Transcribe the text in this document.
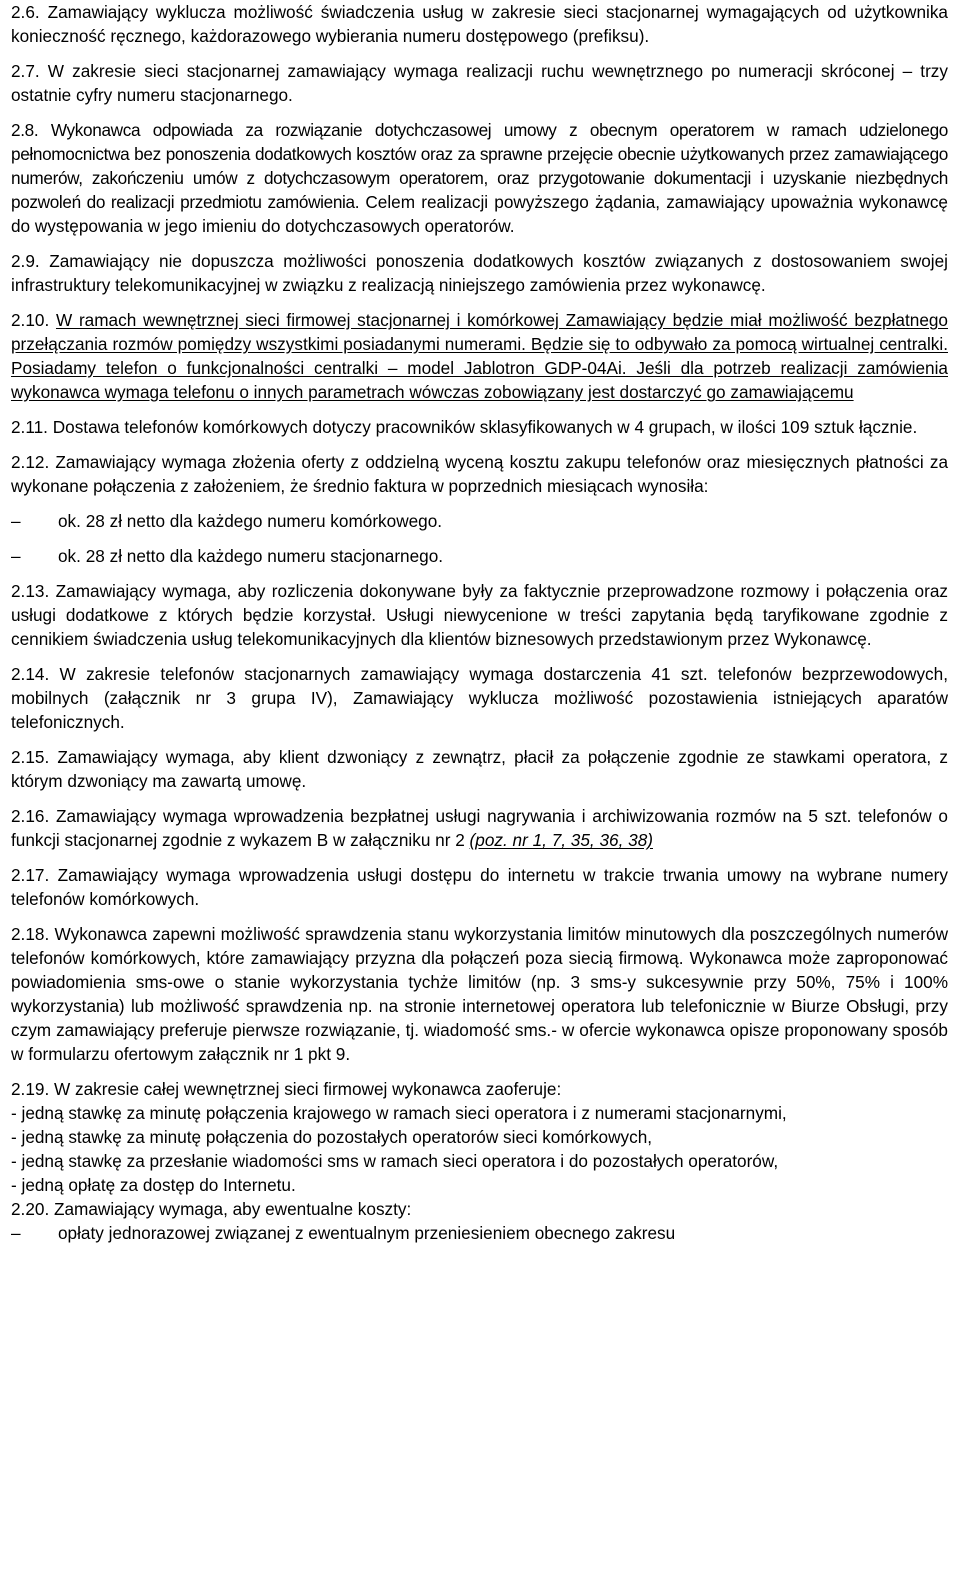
2.6. Zamawiający wyklucza możliwość świadczenia usług w zakresie sieci stacjonarnej wymagających od użytkownika konieczność ręcznego, każdorazowego wybierania numeru dostępowego (prefiksu).

2.7. W zakresie sieci stacjonarnej zamawiający wymaga realizacji ruchu wewnętrznego po numeracji skróconej – trzy ostatnie cyfry numeru stacjonarnego.

2.8. Wykonawca odpowiada za rozwiązanie dotychczasowej umowy z obecnym operatorem w ramach udzielonego pełnomocnictwa bez ponoszenia dodatkowych kosztów oraz za sprawne przejęcie obecnie użytkowanych przez zamawiającego numerów, zakończeniu umów z dotychczasowym operatorem, oraz przygotowanie dokumentacji i uzyskanie niezbędnych pozwoleń do realizacji przedmiotu zamówienia. Celem realizacji powyższego żądania, zamawiający upoważnia wykonawcę do występowania w jego imieniu do dotychczasowych operatorów.

2.9. Zamawiający nie dopuszcza możliwości ponoszenia dodatkowych kosztów związanych z dostosowaniem swojej infrastruktury telekomunikacyjnej w związku z realizacją niniejszego zamówienia przez wykonawcę.

2.10. W ramach wewnętrznej sieci firmowej stacjonarnej i komórkowej Zamawiający będzie miał możliwość bezpłatnego przełączania rozmów pomiędzy wszystkimi posiadanymi numerami. Będzie się to odbywało za pomocą wirtualnej centralki. Posiadamy telefon o funkcjonalności centralki – model Jablotron GDP-04Ai. Jeśli dla potrzeb realizacji zamówienia wykonawca wymaga telefonu o innych parametrach wówczas zobowiązany jest dostarczyć go zamawiającemu

2.11. Dostawa telefonów komórkowych dotyczy pracowników sklasyfikowanych w 4 grupach, w ilości 109 sztuk łącznie.

2.12. Zamawiający wymaga złożenia oferty z oddzielną wyceną kosztu zakupu telefonów oraz miesięcznych płatności za wykonane połączenia z założeniem, że średnio faktura w poprzednich miesiącach wynosiła:

–	ok. 28 zł netto dla każdego numeru komórkowego.
–	ok. 28 zł netto dla każdego numeru stacjonarnego.

2.13. Zamawiający wymaga, aby rozliczenia dokonywane były za faktycznie przeprowadzone rozmowy i połączenia oraz usługi dodatkowe z których będzie korzystał. Usługi niewycenione w treści zapytania będą taryfikowane zgodnie z cennikiem świadczenia usług telekomunikacyjnych dla klientów biznesowych przedstawionym przez Wykonawcę.

2.14. W zakresie telefonów stacjonarnych zamawiający wymaga dostarczenia 41 szt. telefonów bezprzewodowych, mobilnych (załącznik nr 3 grupa IV), Zamawiający wyklucza możliwość pozostawienia istniejących aparatów telefonicznych.

2.15. Zamawiający wymaga, aby klient dzwoniący z zewnątrz, płacił za połączenie zgodnie ze stawkami operatora, z którym dzwoniący ma zawartą umowę.

2.16. Zamawiający wymaga wprowadzenia bezpłatnej usługi nagrywania i archiwizowania rozmów na 5 szt. telefonów o funkcji stacjonarnej zgodnie z wykazem B w załączniku nr 2 (poz. nr 1, 7, 35, 36, 38)

2.17. Zamawiający wymaga wprowadzenia usługi dostępu do internetu w trakcie trwania umowy na wybrane numery telefonów komórkowych.

2.18. Wykonawca zapewni możliwość sprawdzenia stanu wykorzystania limitów minutowych dla poszczególnych numerów telefonów komórkowych, które zamawiający przyzna dla połączeń poza siecią firmową. Wykonawca może zaproponować powiadomienia sms-owe o stanie wykorzystania tychże limitów (np. 3 sms-y sukcesywnie przy 50%, 75% i 100% wykorzystania) lub możliwość sprawdzenia np. na stronie internetowej operatora lub telefonicznie w Biurze Obsługi, przy czym zamawiający preferuje pierwsze rozwiązanie, tj. wiadomość sms.- w ofercie wykonawca opisze proponowany sposób w formularzu ofertowym załącznik nr 1 pkt 9.

2.19. W zakresie całej wewnętrznej sieci firmowej wykonawca zaoferuje:

- jedną stawkę za minutę połączenia krajowego w ramach sieci operatora i z numerami stacjonarnymi,

- jedną stawkę za minutę połączenia do pozostałych operatorów sieci komórkowych,

- jedną stawkę za przesłanie wiadomości sms w ramach sieci operatora i do pozostałych operatorów,

- jedną opłatę za dostęp do Internetu.

2.20. Zamawiający wymaga, aby ewentualne koszty:

–	opłaty jednorazowej związanej z ewentualnym przeniesieniem obecnego zakresu
